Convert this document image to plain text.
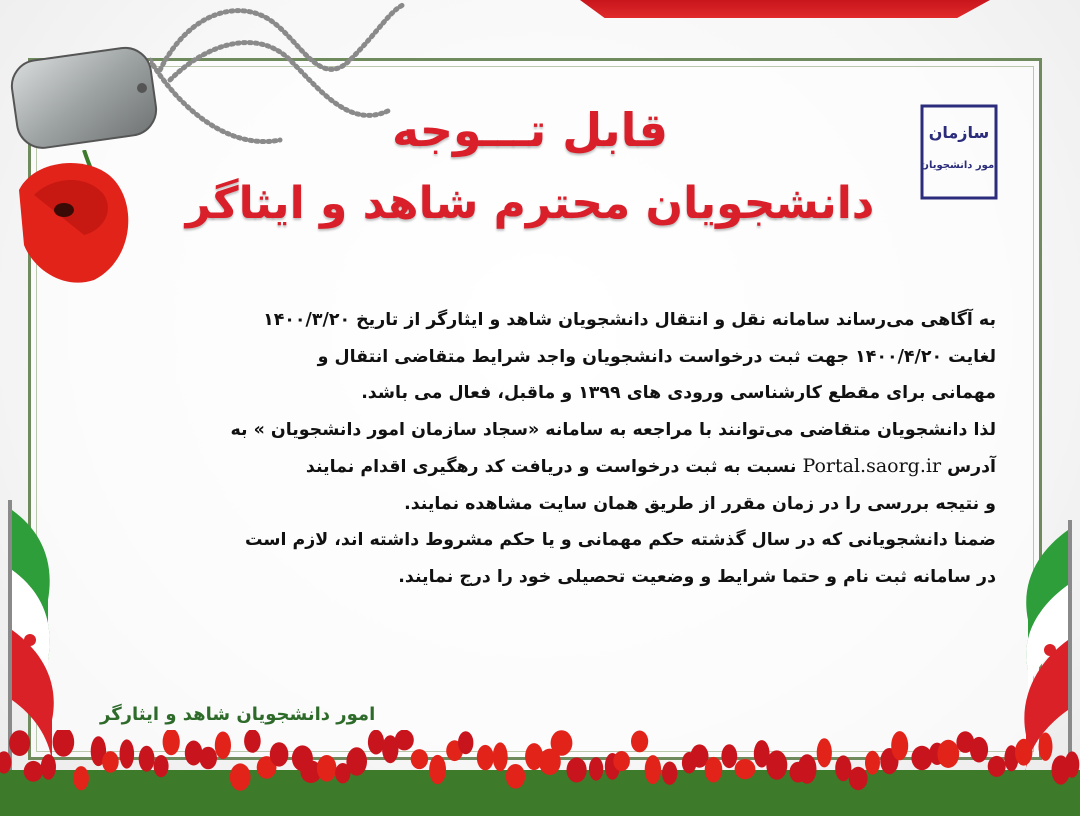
سازمان
امور دانشجویان
قابل تـــوجه
دانشجویان محترم شاهد و ایثاگر

به آگاهی می‌رساند سامانه نقل و انتقال دانشجویان شاهد و ایثارگر از تاریخ ۱۴۰۰/۳/۲۰

لغایت ۱۴۰۰/۴/۲۰ جهت ثبت درخواست دانشجویان واجد شرایط متقاضی انتقال و

مهمانی برای مقطع کارشناسی ورودی های ۱۳۹۹ و ماقبل، فعال می باشد.

لذا دانشجویان متقاضی می‌توانند با مراجعه به سامانه «سجاد سازمان امور دانشجویان » به

آدرس Portal.saorg.ir نسبت به ثبت درخواست و دریافت کد رهگیری اقدام نمایند

و نتیجه بررسی را در زمان مقرر از طریق همان سایت مشاهده نمایند.

ضمنا دانشجویانی که در سال گذشته حکم مهمانی و یا حکم مشروط داشته اند، لازم است

در سامانه ثبت نام و حتما شرایط و وضعیت تحصیلی خود را درج نمایند.

امور دانشجویان شاهد و ایثارگر
